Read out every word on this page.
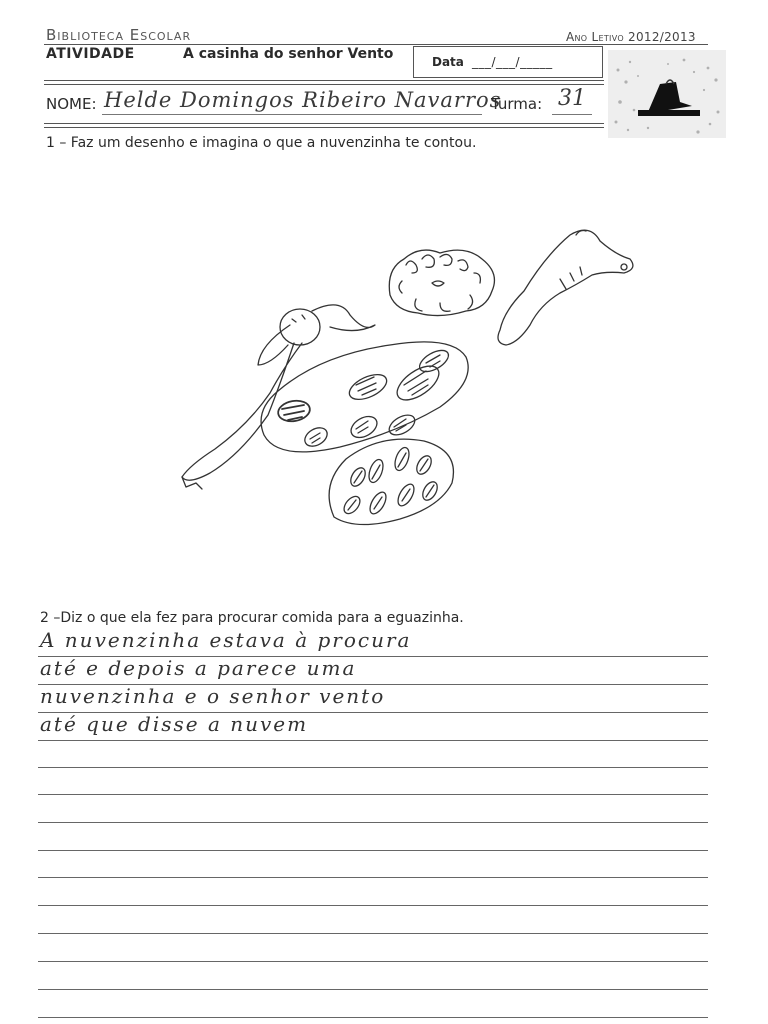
Biblioteca Escolar	Ano Letivo 2012/2013
ATIVIDADE	A casinha do senhor Vento	Data ___/___/_____
NOME: Helde Domingos Ribeiro Navarros
Turma: 31
1 – Faz um desenho e imagina o que a nuvenzinha te contou.
2 –Diz o que ela fez para procurar comida para a eguazinha.
A nuvenzinha estava à procura
até e depois a parece uma
nuvenzinha e o senhor vento
até que disse a nuvem
